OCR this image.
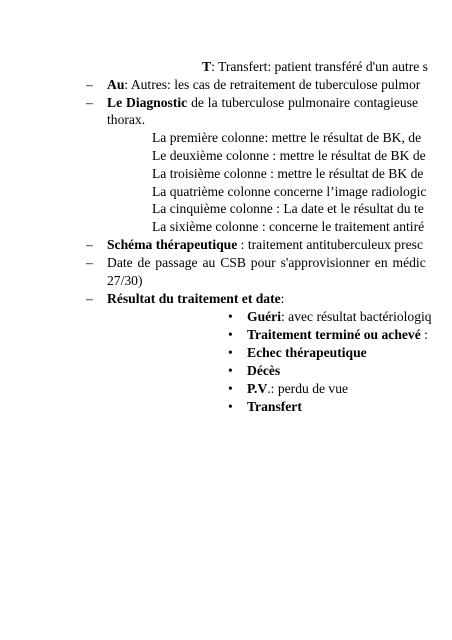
T: Transfert: patient transféré d'un autre s
– Au: Autres: les cas de retraitement de tuberculose pulmor
– Le Diagnostic de la tuberculose pulmonaire contagieuse
thorax.
La première colonne: mettre le résultat de BK, de
Le deuxième colonne : mettre le résultat de BK de
La troisième colonne : mettre le résultat de BK de
La quatrième colonne concerne l’image radiologic
La cinquième colonne : La date et le résultat du te
La sixième colonne : concerne le traitement antiré
– Schéma thérapeutique : traitement antituberculeux presc
– Date de passage au CSB pour s'approvisionner en médic
27/30)
– Résultat du traitement et date:
•
Guéri: avec résultat bactériologiq
•
Traitement terminé ou achevé :
•
Echec thérapeutique
•
Décès
•
P.V.: perdu de vue
•
Transfert
